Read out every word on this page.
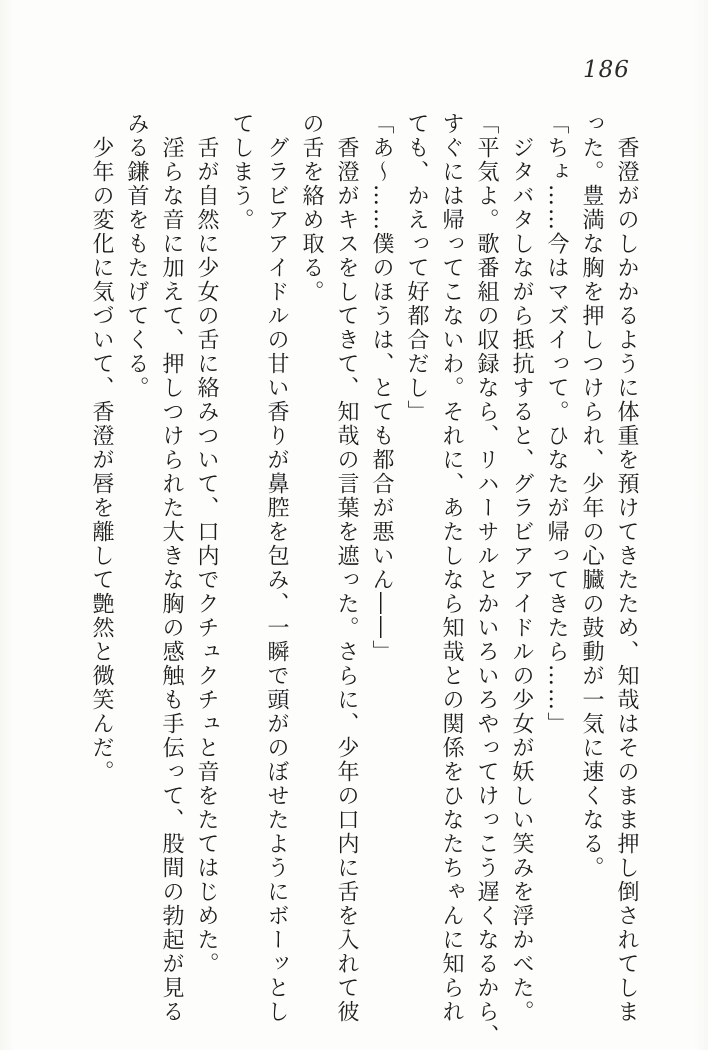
186
　香澄がのしかかるように体重を預けてきたため、知哉はそのまま押し倒されてしま
った。豊満な胸を押しつけられ、少年の心臓の鼓動が一気に速くなる。
「ちょ……今はマズイって。ひなたが帰ってきたら……」
　ジタバタしながら抵抗すると、グラビアアイドルの少女が妖しい笑みを浮かべた。
「平気よ。歌番組の収録なら、リハーサルとかいろいろやってけっこう遅くなるから、
すぐには帰ってこないわ。それに、あたしなら知哉との関係をひなたちゃんに知られ
ても、かえって好都合だし」
「あ〜……僕のほうは、とても都合が悪いん――」
　香澄がキスをしてきて、知哉の言葉を遮った。さらに、少年の口内に舌を入れて彼
の舌を絡め取る。
　グラビアアイドルの甘い香りが鼻腔を包み、一瞬で頭がのぼせたようにボーッとし
てしまう。
　舌が自然に少女の舌に絡みついて、口内でクチュクチュと音をたてはじめた。
　淫らな音に加えて、押しつけられた大きな胸の感触も手伝って、股間の勃起が見る
みる鎌首をもたげてくる。
　少年の変化に気づいて、香澄が唇を離して艶然と微笑んだ。
